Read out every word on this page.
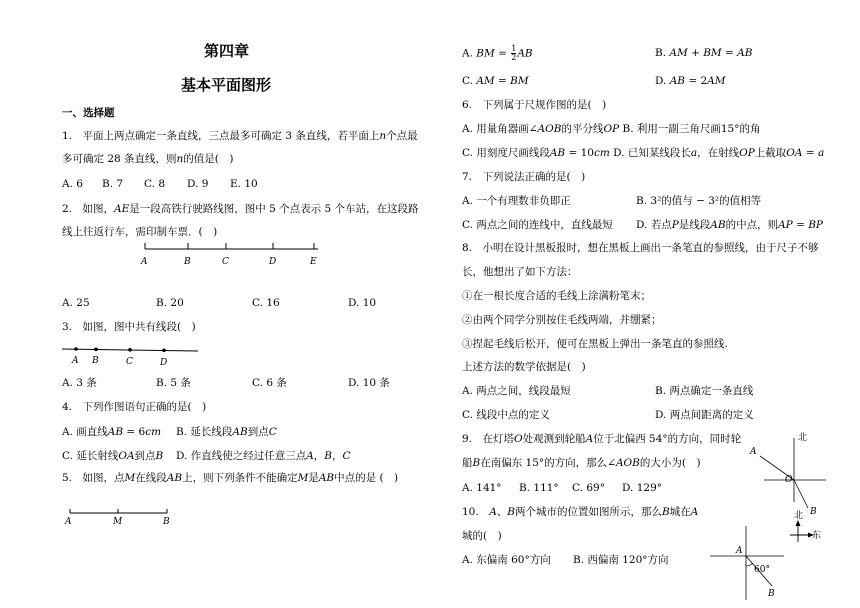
第四章
基本平面图形
一、选择题
1.　平面上两点确定一条直线，三点最多可确定 3 条直线，若平面上𝑛个点最
多可确定 28 条直线，则𝑛的值是(　)
A. 6 B. 7 C. 8 D. 9 E. 10
2.　如图，𝐴𝐸是一段高铁行驶路线图，图中 5 个点表示 5 个车站，在这段路
线上往返行车，需印制车票．(　)
A	B	C	D	E
A. 25	B. 20	C. 16	D. 10
3.　如图，图中共有线段(　)
A B	C	D
A. 3 条	B. 5 条	C. 6 条	D. 10 条
4.　下列作图语句正确的是(　)
A. 画直线𝐴𝐵 = 6𝑐𝑚 B. 延长线段𝐴𝐵到点𝐶
C. 延长射线𝑂𝐴到点𝐵 D. 作直线使之经过任意三点𝐴，𝐵，𝐶
5.　如图，点𝑀在线段𝐴𝐵上，则下列条件不能确定𝑀是𝐴𝐵中点的是 (　)
A	M	B
A. 𝐵𝑀 = $\frac{1}{2}$ 𝐴𝐵	B. 𝐴𝑀 + 𝐵𝑀 = 𝐴𝐵
C. 𝐴𝑀 = 𝐵𝑀	D. 𝐴𝐵 = 2𝐴𝑀
6.　下列属于尺规作图的是(　)
A. 用量角器画∠𝐴𝑂𝐵的平分线𝑂𝑃 B. 利用一副三角尺画15°的角
C. 用刻度尺画线段𝐴𝐵 = 10𝑐𝑚 D. 已知某线段长𝑎，在射线𝑂𝑃上截取𝑂𝐴 = 𝑎
7.　下列说法正确的是(　)
A. 一个有理数非负即正	B. 3²的值与 − 3²的值相等
C. 两点之间的连线中，直线最短 D. 若点𝑃是线段𝐴𝐵的中点，则𝐴𝑃 = 𝐵𝑃
8.　小明在设计黑板报时，想在黑板上画出一条笔直的参照线，由于尺子不够
长，他想出了如下方法：
①在一根长度合适的毛线上涂满粉笔末；
②由两个同学分别按住毛线两端，并绷紧；
③捏起毛线后松开，便可在黑板上弹出一条笔直的参照线.
上述方法的数学依据是(　)
A. 两点之间，线段最短	B. 两点确定一条直线
C. 线段中点的定义	D. 两点间距离的定义
9.　在灯塔𝑂处观测到轮船𝐴位于北偏西 54°的方向，同时轮
船𝐵在南偏东 15°的方向，那么∠𝐴𝑂𝐵的大小为(　)
A. 141° B. 111° C. 69° D. 129°
北
A
O
B
10.　𝐴、𝐵两个城市的位置如图所示，那么𝐵城在𝐴
城的(　)
A. 东偏南 60°方向 B. 西偏南 120°方向
北
东
A
60°
B
